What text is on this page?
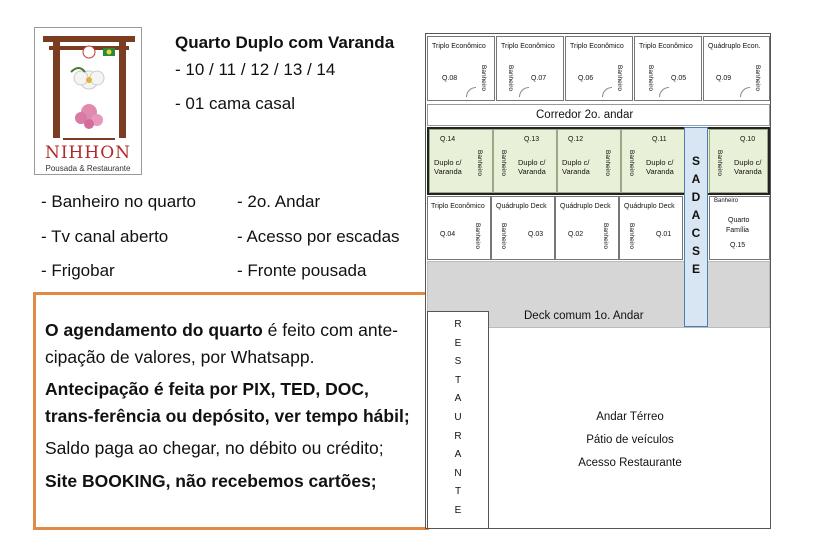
NIHHON
Pousada & Restaurante
Quarto Duplo com Varanda
- 10 / 11 / 12 / 13 / 14
- 01 cama casal
- Banheiro no quarto
- Tv canal aberto
- Frigobar
- 2o. Andar
- Acesso por escadas
- Fronte pousada

O agendamento do quarto é feito com ante-cipação de valores, por Whatsapp.

Antecipação é feita por PIX, TED, DOC, trans-ferência ou depósito, ver tempo hábil;

Saldo paga ao chegar, no débito ou crédito;

Site BOOKING, não recebemos cartões;

Triplo Econômico
Q.08	Banheiro
Triplo Econômico
Q.07
Banheiro
Triplo Econômico
Q.06	Banheiro
Triplo Econômico
Q.05
Banheiro
Quádruplo Econ.
Q.09	Banheiro
Corredor 2o. andar
Q.14
Duplo c/
Varanda Banheiro
Q.13
Duplo c/
Varanda
Banheiro
Q.12
Duplo c/
Varanda Banheiro
Q.11
Duplo c/
Varanda
Banheiro
Q.10
Duplo c/
Varanda
Banheiro
Triplo Econômico
Q.04	Banheiro
Quádruplo Deck
Q.03
Banheiro
Quádruplo Deck
Q.02	Banheiro
Quádruplo Deck
Q.01
Banheiro
Banheiro
Quarto
Família
Q.15
Deck comum 1o. Andar
S
A
D
A
C
S
E
R
E
S
T
A
U
R
A
N
T
E
Andar Térreo
Pátio de veículos
Acesso Restaurante
